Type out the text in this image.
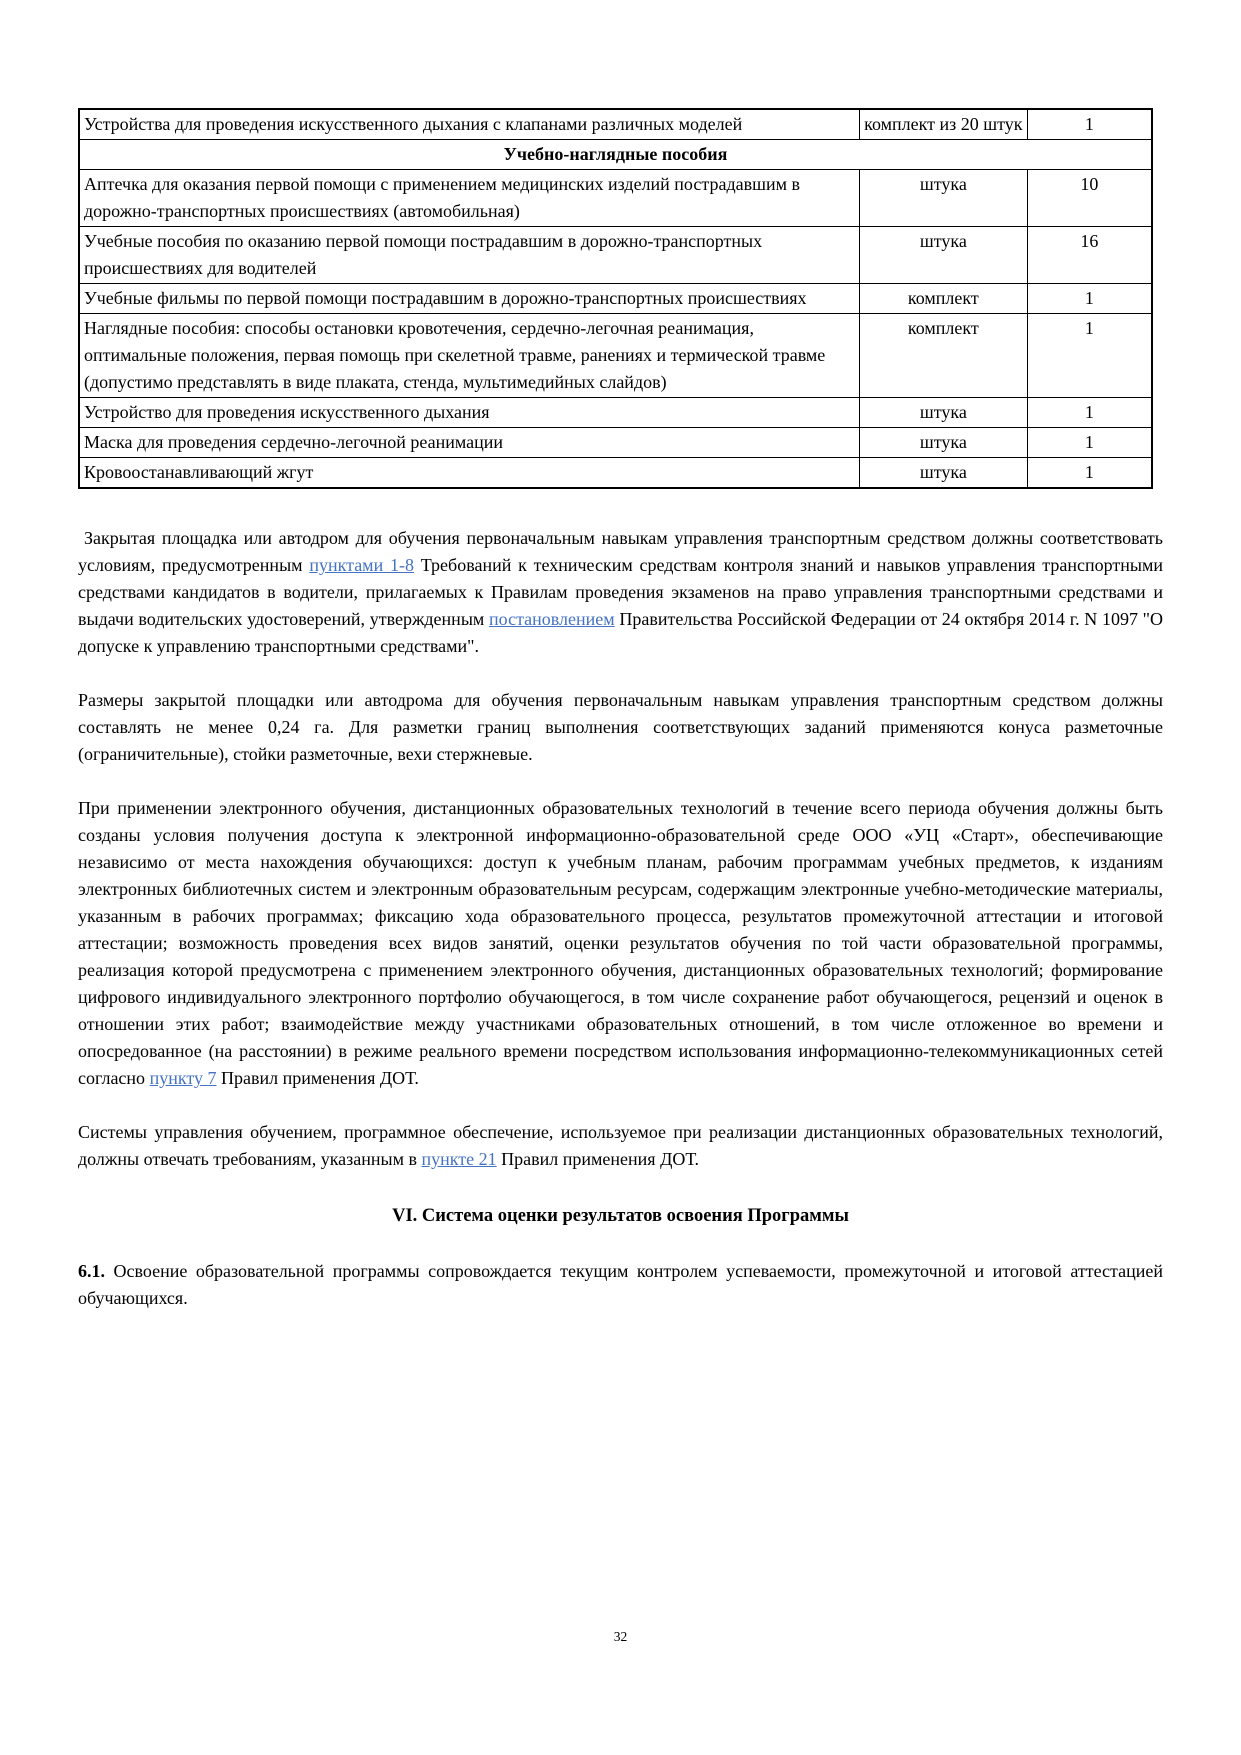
Устройства для проведения искусственного дыхания с клапанами различных моделей	комплект из 20 штук	1
Учебно-наглядные пособия		
Аптечка для оказания первой помощи с применением медицинских изделий пострадавшим в дорожно-транспортных происшествиях (автомобильная)	штука	10
Учебные пособия по оказанию первой помощи пострадавшим в дорожно-транспортных происшествиях для водителей	штука	16
Учебные фильмы по первой помощи пострадавшим в дорожно-транспортных происшествиях	комплект	1
Наглядные пособия: способы остановки кровотечения, сердечно-легочная реанимация, оптимальные положения, первая помощь при скелетной травме, ранениях и термической травме (допустимо представлять в виде плаката, стенда, мультимедийных слайдов)	комплект	1
Устройство для проведения искусственного дыхания	штука	1
Маска для проведения сердечно-легочной реанимации	штука	1
Кровоостанавливающий жгут	штука	1

Закрытая площадка или автодром для обучения первоначальным навыкам управления транспортным средством должны соответствовать условиям, предусмотренным пунктами 1-8 Требований к техническим средствам контроля знаний и навыков управления транспортными средствами кандидатов в водители, прилагаемых к Правилам проведения экзаменов на право управления транспортными средствами и выдачи водительских удостоверений, утвержденным постановлением Правительства Российской Федерации от 24 октября 2014 г. N 1097 "О допуске к управлению транспортными средствами".

Размеры закрытой площадки или автодрома для обучения первоначальным навыкам управления транспортным средством должны составлять не менее 0,24 га. Для разметки границ выполнения соответствующих заданий применяются конуса разметочные (ограничительные), стойки разметочные, вехи стержневые.

При применении электронного обучения, дистанционных образовательных технологий в течение всего периода обучения должны быть созданы условия получения доступа к электронной информационно-образовательной среде ООО «УЦ «Старт», обеспечивающие независимо от места нахождения обучающихся: доступ к учебным планам, рабочим программам учебных предметов, к изданиям электронных библиотечных систем и электронным образовательным ресурсам, содержащим электронные учебно-методические материалы, указанным в рабочих программах; фиксацию хода образовательного процесса, результатов промежуточной аттестации и итоговой аттестации; возможность проведения всех видов занятий, оценки результатов обучения по той части образовательной программы, реализация которой предусмотрена с применением электронного обучения, дистанционных образовательных технологий; формирование цифрового индивидуального электронного портфолио обучающегося, в том числе сохранение работ обучающегося, рецензий и оценок в отношении этих работ; взаимодействие между участниками образовательных отношений, в том числе отложенное во времени и опосредованное (на расстоянии) в режиме реального времени посредством использования информационно-телекоммуникационных сетей согласно пункту 7 Правил применения ДОТ.

Системы управления обучением, программное обеспечение, используемое при реализации дистанционных образовательных технологий, должны отвечать требованиям, указанным в пункте 21 Правил применения ДОТ.

VI. Система оценки результатов освоения Программы

6.1. Освоение образовательной программы сопровождается текущим контролем успеваемости, промежуточной и итоговой аттестацией обучающихся.

32
